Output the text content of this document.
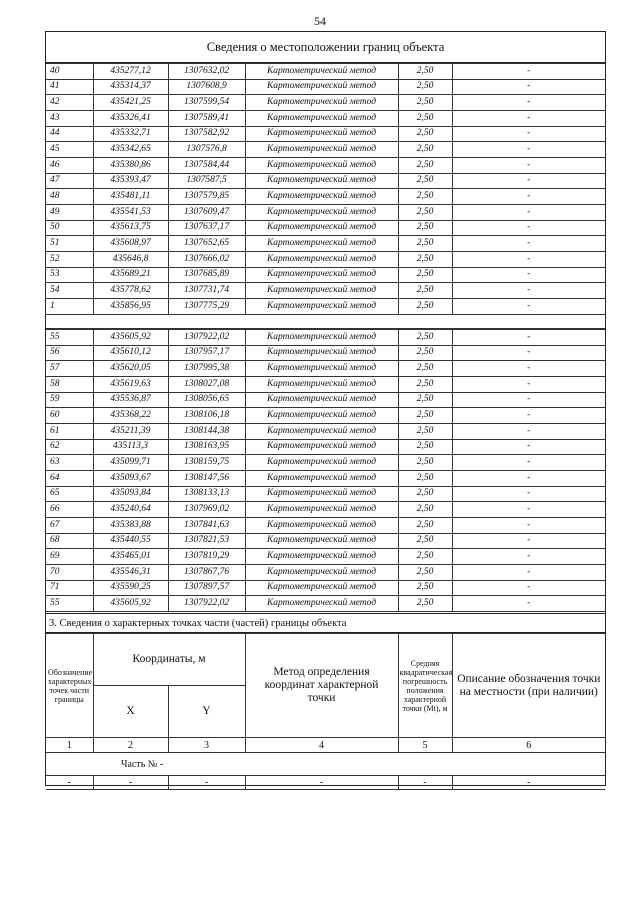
54
Сведения о местоположении границ объекта
40	435277,12	1307632,02	Картометрический метод	2,50	-
41	435314,37	1307608,9	Картометрический метод	2,50	-
42	435421,25	1307599,54	Картометрический метод	2,50	-
43	435326,41	1307589,41	Картометрический метод	2,50	-
44	435332,71	1307582,92	Картометрический метод	2,50	-
45	435342,65	1307576,8	Картометрический метод	2,50	-
46	435380,86	1307584,44	Картометрический метод	2,50	-
47	435393,47	1307587,5	Картометрический метод	2,50	-
48	435481,11	1307579,85	Картометрический метод	2,50	-
49	435541,53	1307609,47	Картометрический метод	2,50	-
50	435613,75	1307637,17	Картометрический метод	2,50	-
51	435608,97	1307652,65	Картометрический метод	2,50	-
52	435646,8	1307666,02	Картометрический метод	2,50	-
53	435689,21	1307685,89	Картометрический метод	2,50	-
54	435778,62	1307731,74	Картометрический метод	2,50	-
1	435856,95	1307775,29	Картометрический метод	2,50	-
55	435605,92	1307922,02	Картометрический метод	2,50	-
56	435610,12	1307957,17	Картометрический метод	2,50	-
57	435620,05	1307995,38	Картометрический метод	2,50	-
58	435619,63	1308027,08	Картометрический метод	2,50	-
59	435536,87	1308056,65	Картометрический метод	2,50	-
60	435368,22	1308106,18	Картометрический метод	2,50	-
61	435211,39	1308144,38	Картометрический метод	2,50	-
62	435113,3	1308163,95	Картометрический метод	2,50	-
63	435099,71	1308159,75	Картометрический метод	2,50	-
64	435093,67	1308147,56	Картометрический метод	2,50	-
65	435093,84	1308133,13	Картометрический метод	2,50	-
66	435240,64	1307969,02	Картометрический метод	2,50	-
67	435383,88	1307841,63	Картометрический метод	2,50	-
68	435440,55	1307821,53	Картометрический метод	2,50	-
69	435465,01	1307819,29	Картометрический метод	2,50	-
70	435546,31	1307867,76	Картометрический метод	2,50	-
71	435590,25	1307897,57	Картометрический метод	2,50	-
55	435605,92	1307922,02	Картометрический метод	2,50	-
3. Сведения о характерных точках части (частей) границы объекта
Обозначение характерных точек части границы	Координаты, м		Метод определения координат характерной точки	Средняя квадратическая погрешность положения характерной точки (Mt), м	Описание обозначения точки на местности (при наличии)
	X	Y			
1	2	3	4	5	6
Часть № -					
-	-	-	-	-	-
